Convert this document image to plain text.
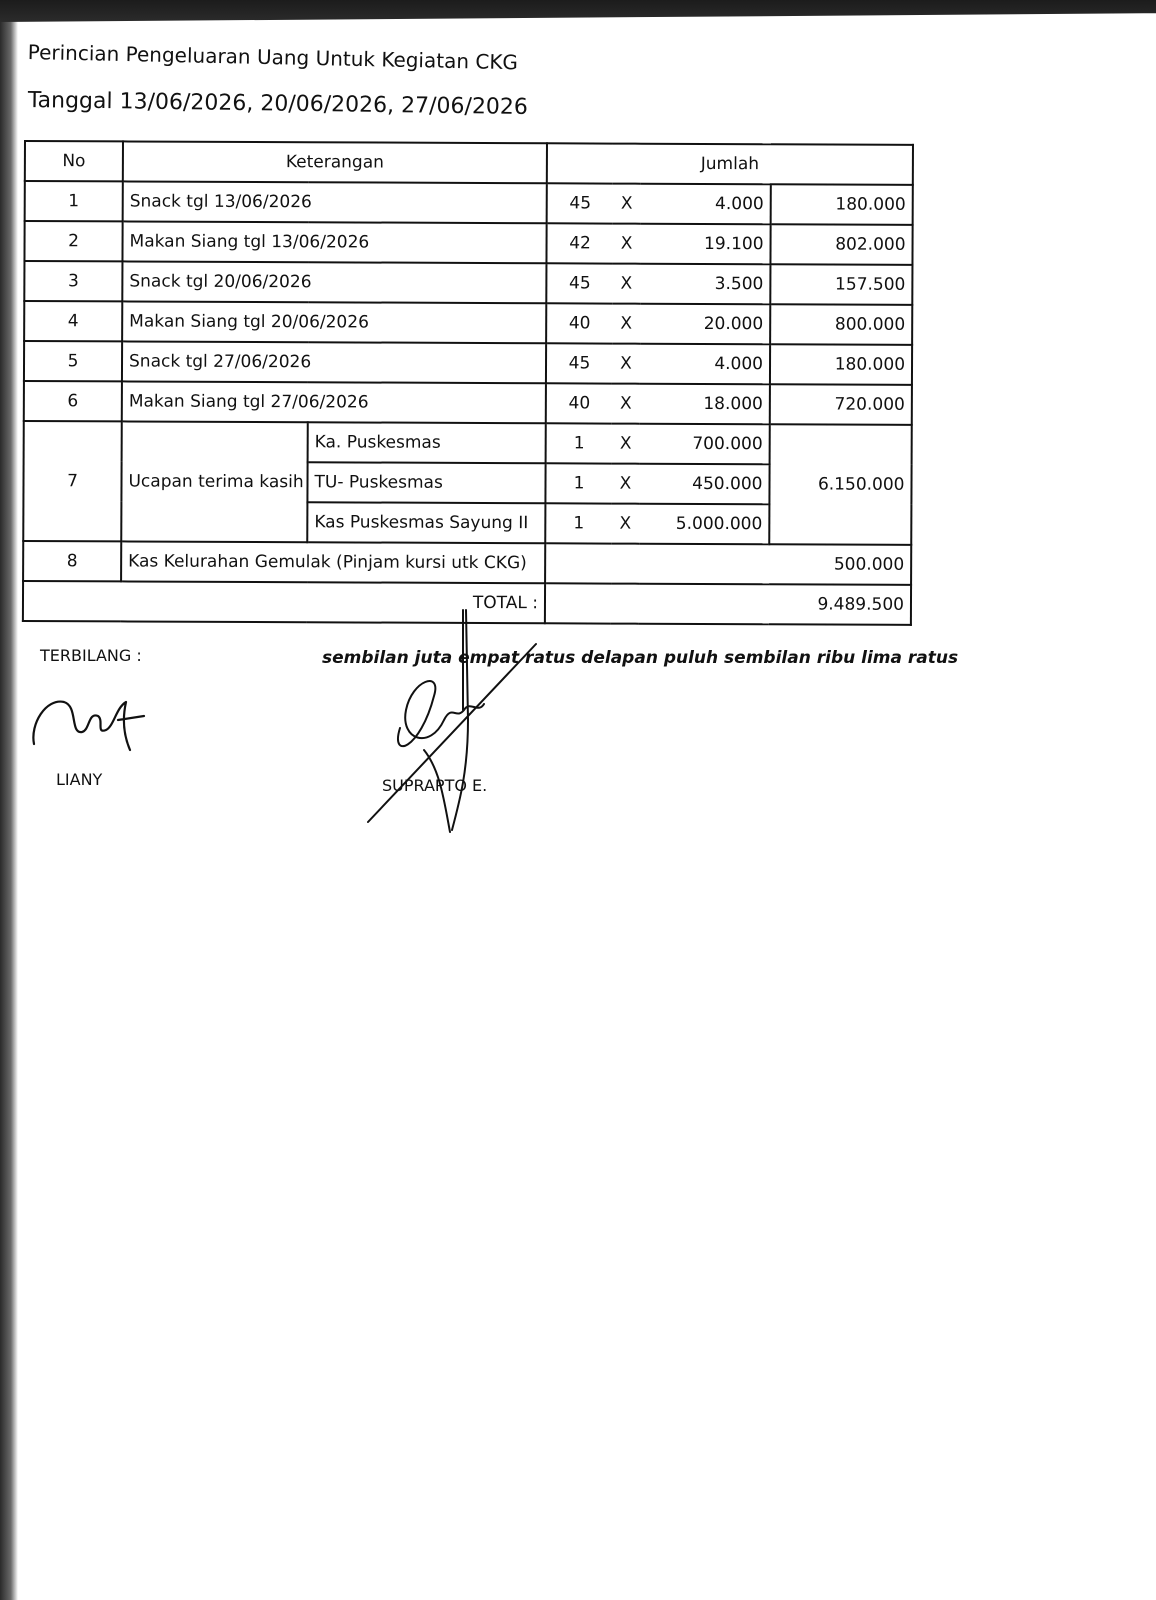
Perincian Pengeluaran Uang Untuk Kegiatan CKG
Tanggal 13/06/2026, 20/06/2026, 27/06/2026
No	Keterangan		Jumlah			
1	Snack tgl 13/06/2026		45	X	4.000	180.000
2	Makan Siang tgl 13/06/2026		42	X	19.100	802.000
3	Snack tgl 20/06/2026		45	X	3.500	157.500
4	Makan Siang tgl 20/06/2026		40	X	20.000	800.000
5	Snack tgl 27/06/2026		45	X	4.000	180.000
6	Makan Siang tgl 27/06/2026		40	X	18.000	720.000
7	Ucapan terima kasih	Ka. Puskesmas	1	X	700.000	6.150.000
		TU- Puskesmas	1	X	450.000	
		Kas Puskesmas Sayung II	1	X	5.000.000	
8	Kas Kelurahan Gemulak (Pinjam kursi utk CKG)		500.000			
TOTAL :			9.489.500			
TERBILANG :	sembilan juta empat ratus delapan puluh sembilan ribu lima ratus
LIANY	SUPRAPTO E.
